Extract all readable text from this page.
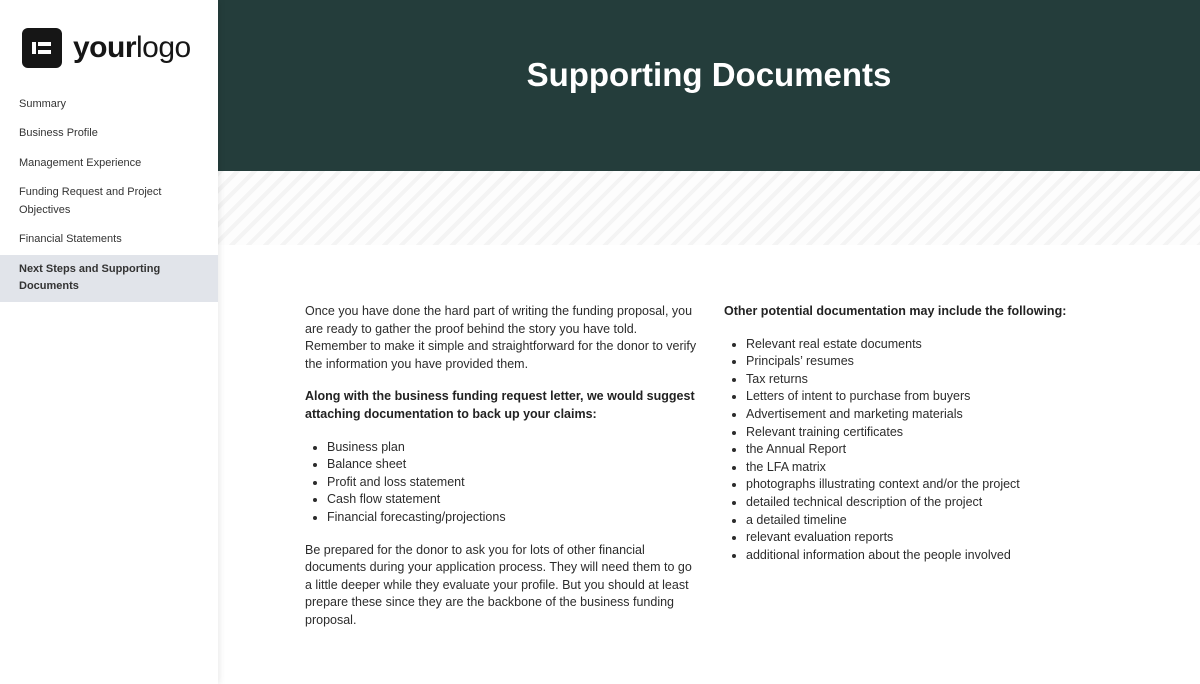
yourlogo
Summary
Business Profile
Management Experience
Funding Request and Project Objectives
Financial Statements
Next Steps and Supporting Documents
Supporting Documents

Once you have done the hard part of writing the funding proposal, you are ready to gather the proof behind the story you have told. Remember to make it simple and straightforward for the donor to verify the information you have provided them.

Along with the business funding request letter, we would suggest attaching documentation to back up your claims:

• Business plan
• Balance sheet
• Profit and loss statement
• Cash flow statement
• Financial forecasting/projections

Be prepared for the donor to ask you for lots of other financial documents during your application process. They will need them to go a little deeper while they evaluate your profile. But you should at least prepare these since they are the backbone of the business funding proposal.

Other potential documentation may include the following:

• Relevant real estate documents
• Principals’ resumes
• Tax returns
• Letters of intent to purchase from buyers
• Advertisement and marketing materials
• Relevant training certificates
• the Annual Report
• the LFA matrix
• photographs illustrating context and/or the project
• detailed technical description of the project
• a detailed timeline
• relevant evaluation reports
• additional information about the people involved
